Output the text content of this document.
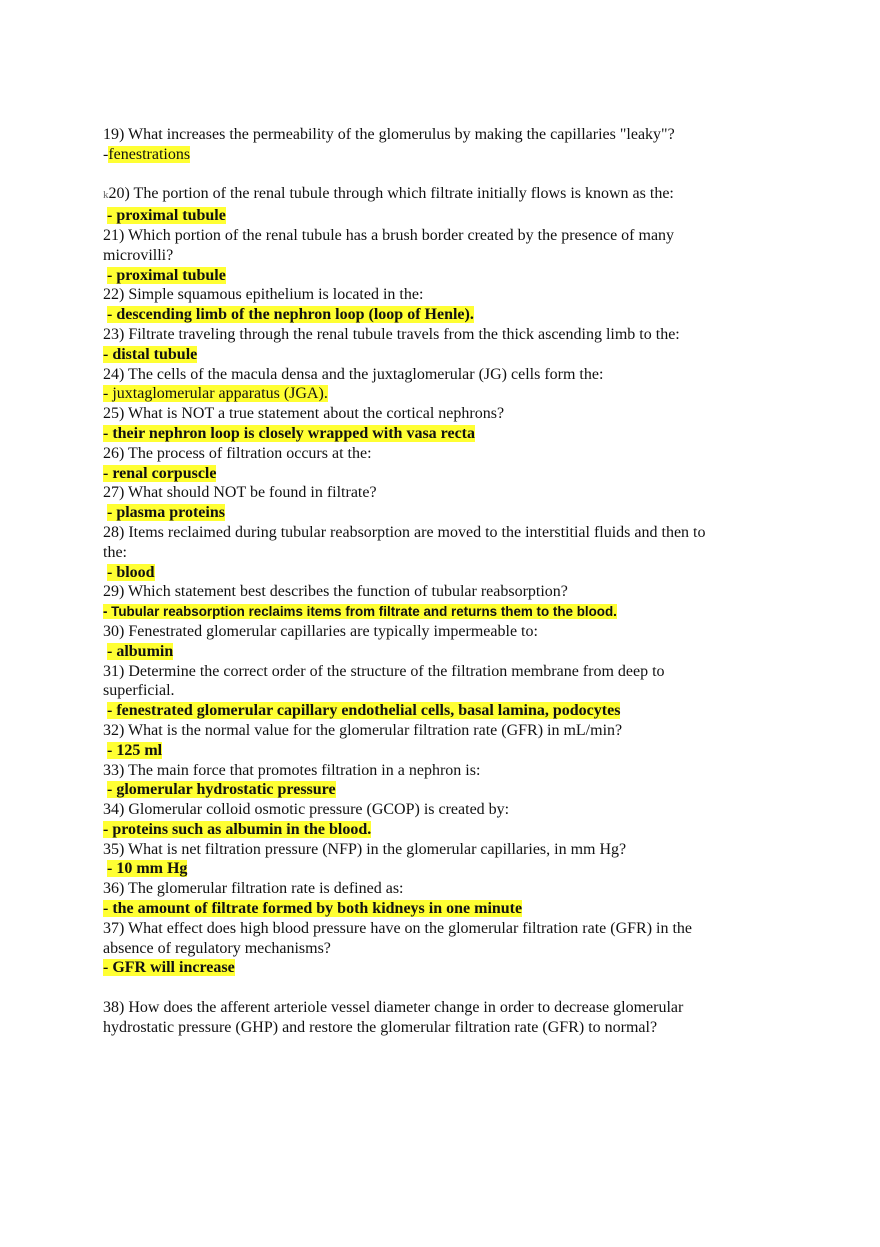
19) What increases the permeability of the glomerulus by making the capillaries "leaky"?
-fenestrations
k20) The portion of the renal tubule through which filtrate initially flows is known as the:
- proximal tubule
21) Which portion of the renal tubule has a brush border created by the presence of many
microvilli?
- proximal tubule
22) Simple squamous epithelium is located in the:
- descending limb of the nephron loop (loop of Henle).
23) Filtrate traveling through the renal tubule travels from the thick ascending limb to the:
- distal tubule
24) The cells of the macula densa and the juxtaglomerular (JG) cells form the:
- juxtaglomerular apparatus (JGA).
25) What is NOT a true statement about the cortical nephrons?
- their nephron loop is closely wrapped with vasa recta
26) The process of filtration occurs at the:
- renal corpuscle
27) What should NOT be found in filtrate?
- plasma proteins
28) Items reclaimed during tubular reabsorption are moved to the interstitial fluids and then to
the:
- blood
29) Which statement best describes the function of tubular reabsorption?
- Tubular reabsorption reclaims items from filtrate and returns them to the blood.
30) Fenestrated glomerular capillaries are typically impermeable to:
- albumin
31) Determine the correct order of the structure of the filtration membrane from deep to
superficial.
- fenestrated glomerular capillary endothelial cells, basal lamina, podocytes
32) What is the normal value for the glomerular filtration rate (GFR) in mL/min?
- 125 ml
33) The main force that promotes filtration in a nephron is:
- glomerular hydrostatic pressure
34) Glomerular colloid osmotic pressure (GCOP) is created by:
- proteins such as albumin in the blood.
35) What is net filtration pressure (NFP) in the glomerular capillaries, in mm Hg?
- 10 mm Hg
36) The glomerular filtration rate is defined as:
- the amount of filtrate formed by both kidneys in one minute
37) What effect does high blood pressure have on the glomerular filtration rate (GFR) in the
absence of regulatory mechanisms?
- GFR will increase
38) How does the afferent arteriole vessel diameter change in order to decrease glomerular
hydrostatic pressure (GHP) and restore the glomerular filtration rate (GFR) to normal?
